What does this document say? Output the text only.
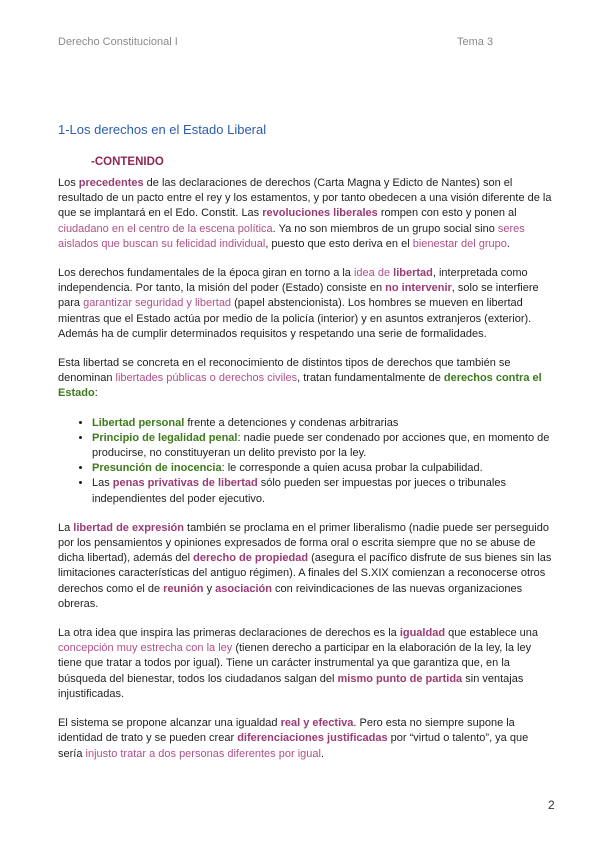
Derecho Constitucional I	Tema 3
1-Los derechos en el Estado Liberal
-CONTENIDO

Los precedentes de las declaraciones de derechos (Carta Magna y Edicto de Nantes) son el resultado de un pacto entre el rey y los estamentos, y por tanto obedecen a una visión diferente de la que se implantará en el Edo. Constit. Las revoluciones liberales rompen con esto y ponen al ciudadano en el centro de la escena política. Ya no son miembros de un grupo social sino seres aislados que buscan su felicidad individual, puesto que esto deriva en el bienestar del grupo.

Los derechos fundamentales de la época giran en torno a la idea de libertad, interpretada como independencia. Por tanto, la misión del poder (Estado) consiste en no intervenir, solo se interfiere para garantizar seguridad y libertad (papel abstencionista). Los hombres se mueven en libertad mientras que el Estado actúa por medio de la policía (interior) y en asuntos extranjeros (exterior). Además ha de cumplir determinados requisitos y respetando una serie de formalidades.

Esta libertad se concreta en el reconocimiento de distintos tipos de derechos que también se denominan libertades públicas o derechos civiles, tratan fundamentalmente de derechos contra el Estado:

• Libertad personal frente a detenciones y condenas arbitrarias
• Principio de legalidad penal: nadie puede ser condenado por acciones que, en momento de producirse, no constituyeran un delito previsto por la ley.
• Presunción de inocencia: le corresponde a quien acusa probar la culpabilidad.
• Las penas privativas de libertad sólo pueden ser impuestas por jueces o tribunales independientes del poder ejecutivo.

La libertad de expresión también se proclama en el primer liberalismo (nadie puede ser perseguido por los pensamientos y opiniones expresados de forma oral o escrita siempre que no se abuse de dicha libertad), además del derecho de propiedad (asegura el pacífico disfrute de sus bienes sin las limitaciones características del antiguo régimen). A finales del S.XIX comienzan a reconocerse otros derechos como el de reunión y asociación con reivindicaciones de las nuevas organizaciones obreras.

La otra idea que inspira las primeras declaraciones de derechos es la igualdad que establece una concepción muy estrecha con la ley (tienen derecho a participar en la elaboración de la ley, la ley tiene que tratar a todos por igual). Tiene un carácter instrumental ya que garantiza que, en la búsqueda del bienestar, todos los ciudadanos salgan del mismo punto de partida sin ventajas injustificadas.

El sistema se propone alcanzar una igualdad real y efectiva. Pero esta no siempre supone la identidad de trato y se pueden crear diferenciaciones justificadas por “virtud o talento”, ya que sería injusto tratar a dos personas diferentes por igual.

2
